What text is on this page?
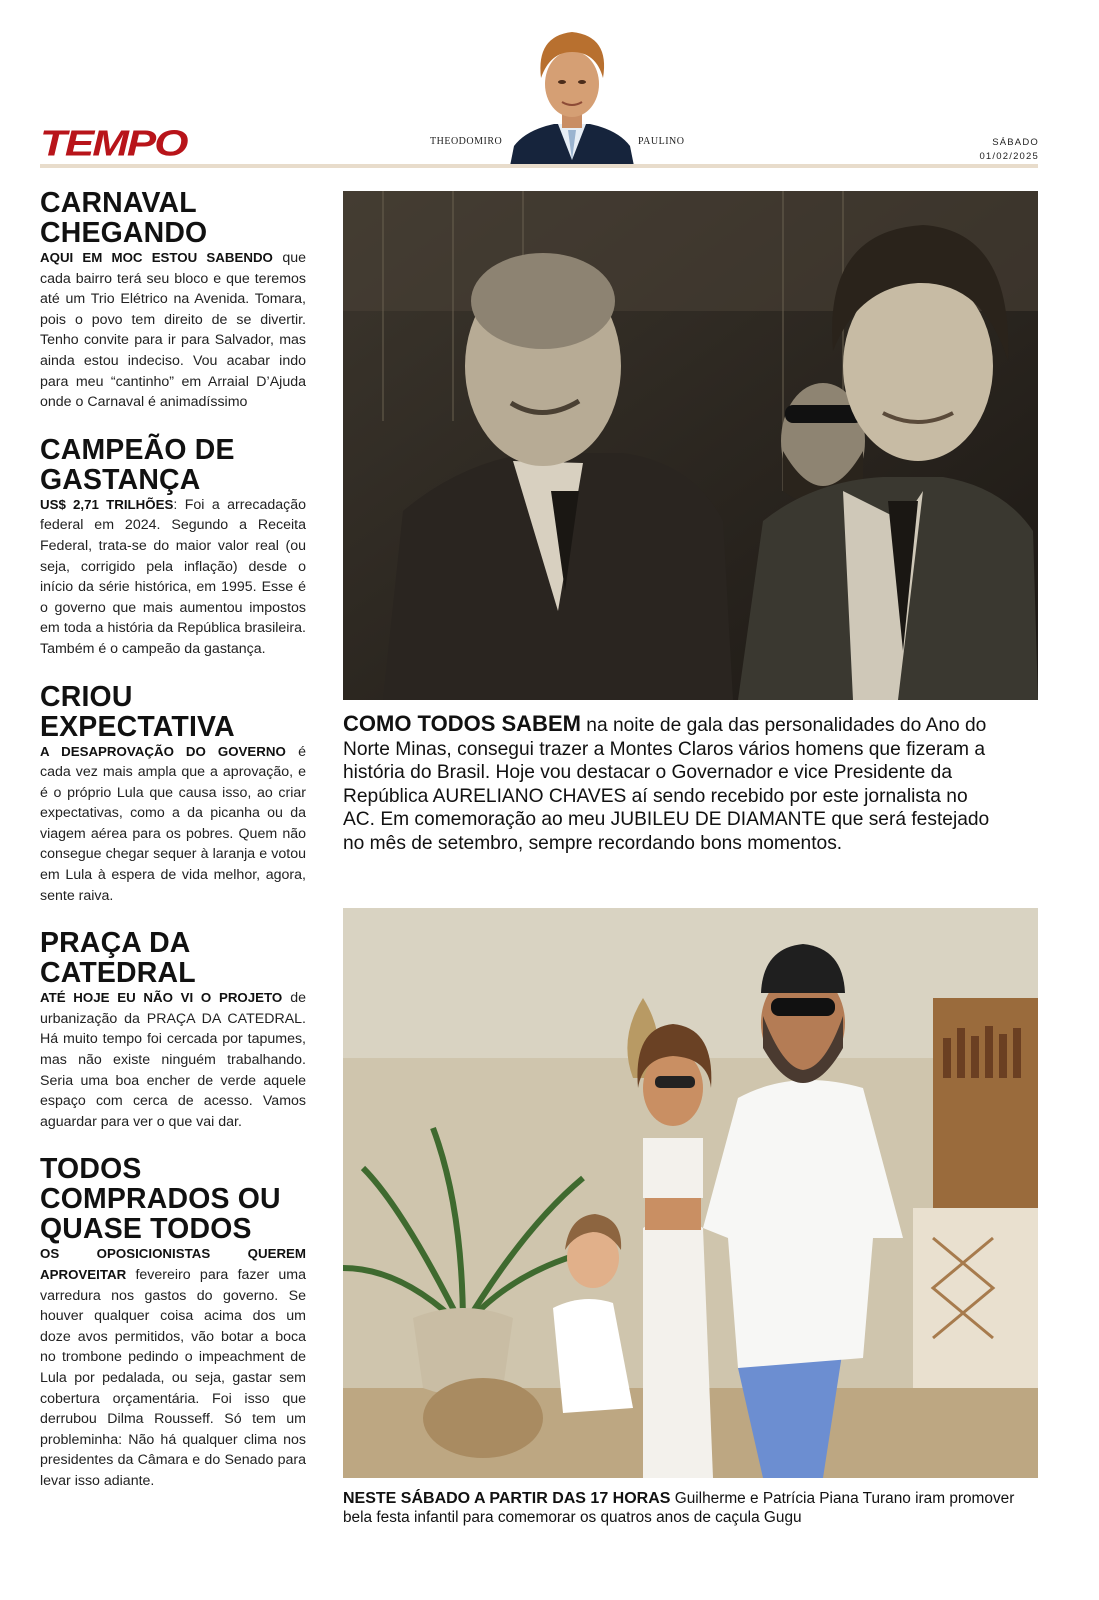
TEMPO	THEODOMIRO	PAULINO	SÁBADO
01/02/2025
CARNAVAL CHEGANDO
AQUI EM MOC ESTOU SABENDO que cada bairro terá seu bloco e que teremos até um Trio Elétrico na Avenida. Tomara, pois o povo tem direito de se divertir. Tenho convite para ir para Salvador, mas ainda estou indeciso. Vou acabar indo para meu “cantinho” em Arraial D’Ajuda onde o Carnaval é animadíssimo
CAMPEÃO DE GASTANÇA
US$ 2,71 TRILHÕES: Foi a arrecadação federal em 2024. Segundo a Receita Federal, trata-se do maior valor real (ou seja, corrigido pela inflação) desde o início da série histórica, em 1995. Esse é o governo que mais aumentou impostos em toda a história da República brasileira. Também é o campeão da gastança.
CRIOU EXPECTATIVA
A DESAPROVAÇÃO DO GOVERNO é cada vez mais ampla que a aprovação, e é o próprio Lula que causa isso, ao criar expectativas, como a da picanha ou da viagem aérea para os pobres. Quem não consegue chegar sequer à laranja e votou em Lula à espera de vida melhor, agora, sente raiva.
PRAÇA DA CATEDRAL
ATÉ HOJE EU NÃO VI O PROJETO de urbanização da PRAÇA DA CATEDRAL. Há muito tempo foi cercada por tapumes, mas não existe ninguém trabalhando. Seria uma boa encher de verde aquele espaço com cerca de acesso. Vamos aguardar para ver o que vai dar.
TODOS COMPRADOS OU QUASE TODOS
OS OPOSICIONISTAS QUEREM APROVEITAR fevereiro para fazer uma varredura nos gastos do governo. Se houver qualquer coisa acima dos um doze avos permitidos, vão botar a boca no trombone pedindo o impeachment de Lula por pedalada, ou seja, gastar sem cobertura orçamentária. Foi isso que derrubou Dilma Rousseff. Só tem um probleminha: Não há qualquer clima nos presidentes da Câmara e do Senado para levar isso adiante.
COMO TODOS SABEM na noite de gala das personalidades do Ano do Norte Minas, consegui trazer a Montes Claros vários homens que fizeram a história do Brasil. Hoje vou destacar o Governador e vice Presidente da República AURELIANO CHAVES aí sendo recebido por este jornalista no AC. Em comemoração ao meu JUBILEU DE DIAMANTE que será festejado no mês de setembro, sempre recordando bons momentos.
NESTE SÁBADO A PARTIR DAS 17 HORAS Guilherme e Patrícia Piana Turano iram promover bela festa infantil para comemorar os quatros anos de caçula Gugu
